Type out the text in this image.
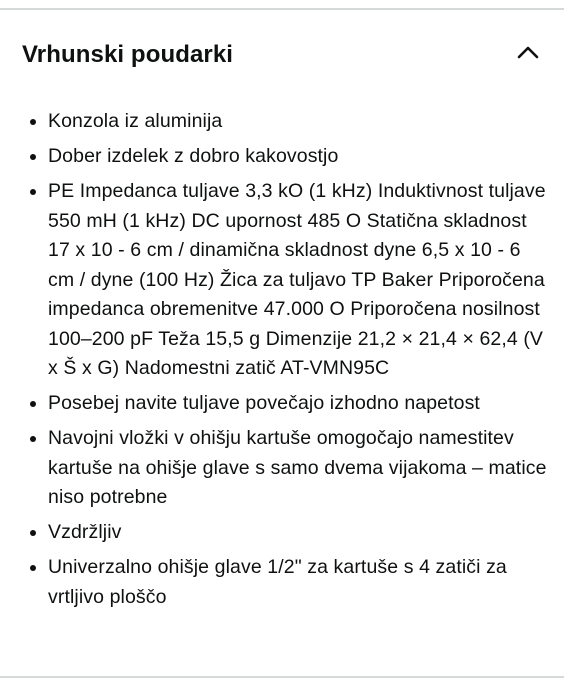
Vrhunski poudarki
Konzola iz aluminija
Dober izdelek z dobro kakovostjo
PE Impedanca tuljave 3,3 kO (1 kHz) Induktivnost tuljave 550 mH (1 kHz) DC upornost 485 O Statična skladnost 17 x 10 - 6 cm / dinamična skladnost dyne 6,5 x 10 - 6 cm / dyne (100 Hz) Žica za tuljavo TP Baker Priporočena impedanca obremenitve 47.000 O Priporočena nosilnost 100–200 pF Teža 15,5 g Dimenzije 21,2 × 21,4 × 62,4 (V x Š x G) Nadomestni zatič AT-VMN95C
Posebej navite tuljave povečajo izhodno napetost
Navojni vložki v ohišju kartuše omogočajo namestitev kartuše na ohišje glave s samo dvema vijakoma – matice niso potrebne
Vzdržljiv
Univerzalno ohišje glave 1/2" za kartuše s 4 zatiči za vrtljivo ploščo
